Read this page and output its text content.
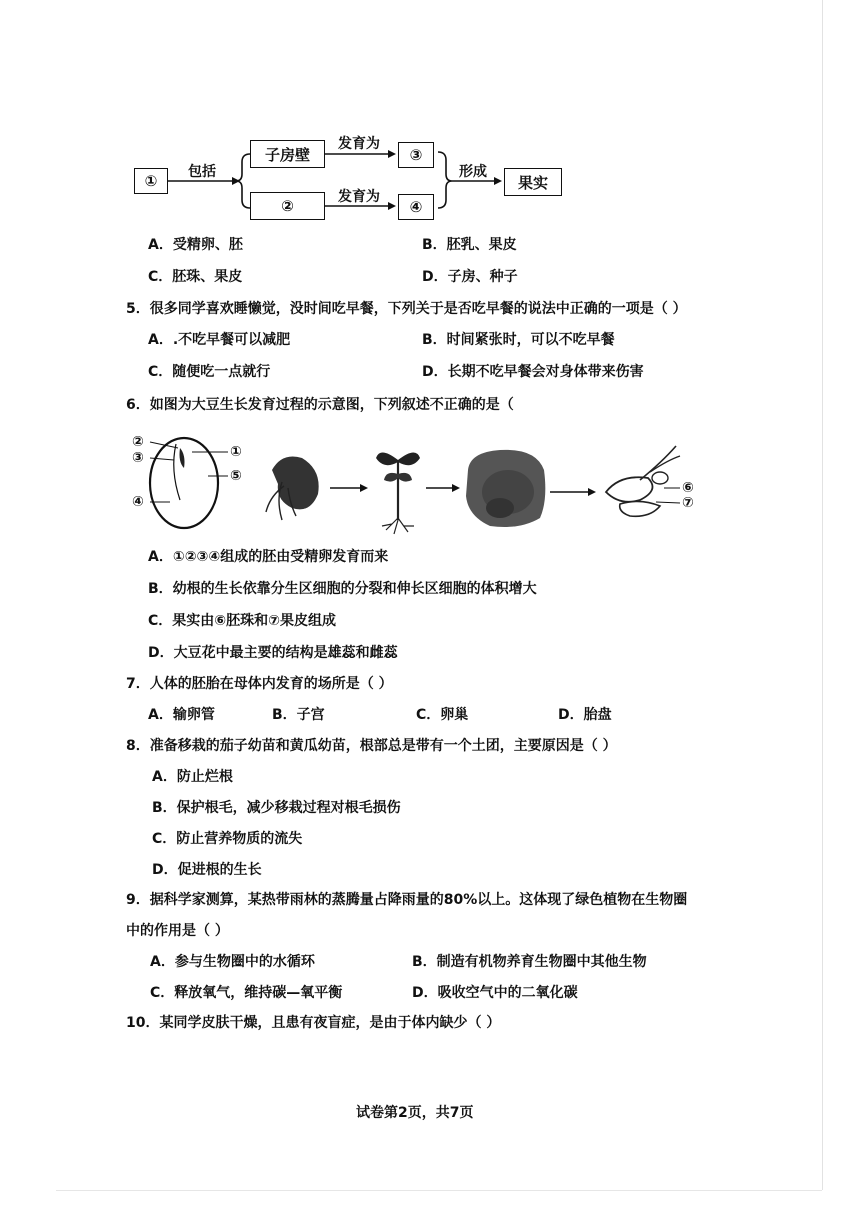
①	包括
子房壁
发育为
③
②	发育为
④
形成
果实
A．受精卵、胚	B．胚乳、果皮
C．胚珠、果皮	D．子房、种子
5．很多同学喜欢睡懒觉，没时间吃早餐，下列关于是否吃早餐的说法中正确的一项是（ ）
A．.不吃早餐可以减肥	B．时间紧张时，可以不吃早餐
C．随便吃一点就行	D．长期不吃早餐会对身体带来伤害
6．如图为大豆生长发育过程的示意图，下列叙述不正确的是（
②
③	①
⑤
④
⑥
⑦
A．①②③④组成的胚由受精卵发育而来
B．幼根的生长依靠分生区细胞的分裂和伸长区细胞的体积增大
C．果实由⑥胚珠和⑦果皮组成
D．大豆花中最主要的结构是雄蕊和雌蕊
7．人体的胚胎在母体内发育的场所是（ ）
A．输卵管	B．子宫	C．卵巢	D．胎盘
8．准备移栽的茄子幼苗和黄瓜幼苗，根部总是带有一个土团，主要原因是（ ）
A．防止烂根
B．保护根毛，减少移栽过程对根毛损伤
C．防止营养物质的流失
D．促进根的生长
9．据科学家测算，某热带雨林的蒸腾量占降雨量的80%以上。这体现了绿色植物在生物圈
中的作用是（ ）
A．参与生物圈中的水循环	B．制造有机物养育生物圈中其他生物
C．释放氧气，维持碳—氧平衡	D．吸收空气中的二氧化碳
10．某同学皮肤干燥，且患有夜盲症，是由于体内缺少（ ）
试卷第2页，共7页
